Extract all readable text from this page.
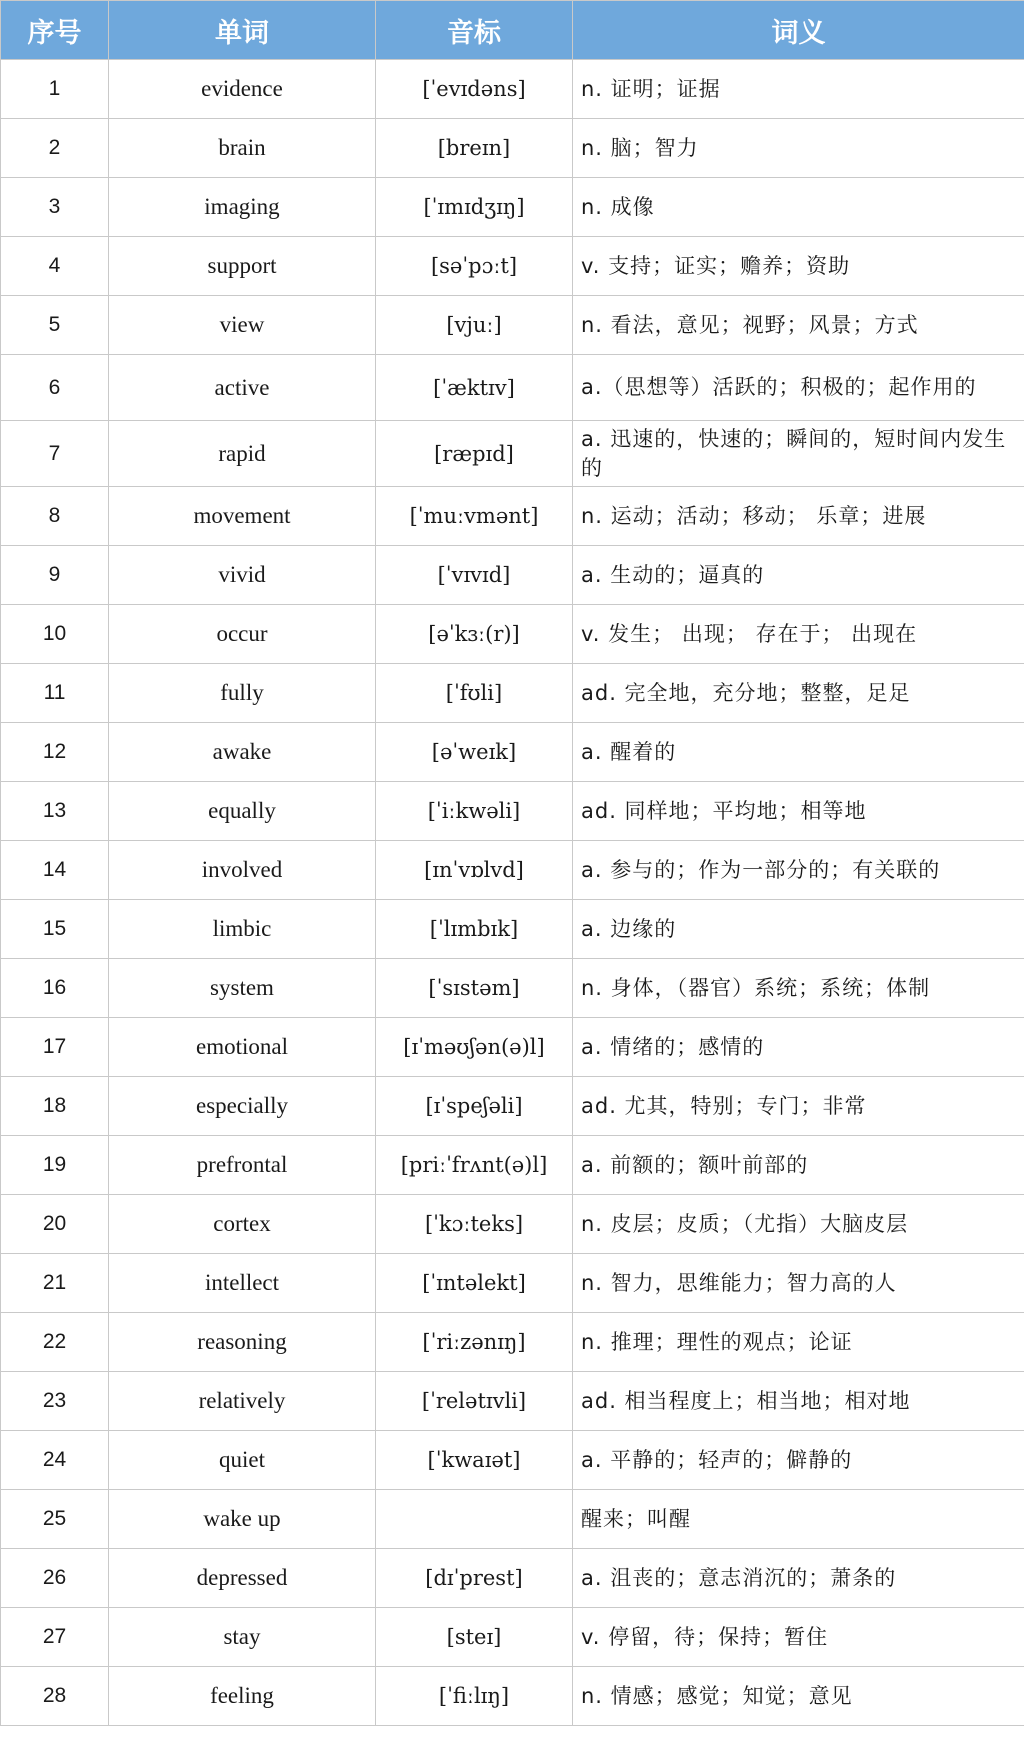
序号	单词	音标	词义
1	evidence	[ˈevɪdəns]	n. 证明；证据
2	brain	[breɪn]	n. 脑；智力
3	imaging	[ˈɪmɪdʒɪŋ]	n. 成像
4	support	[səˈpɔːt]	v. 支持；证实；赡养；资助
5	view	[vjuː]	n. 看法，意见；视野；风景；方式
6	active	[ˈæktɪv]	a.（思想等）活跃的；积极的；起作用的
7	rapid	[ræpɪd]	a. 迅速的，快速的；瞬间的，短时间内发生的
8	movement	[ˈmuːvmənt]	n. 运动；活动；移动； 乐章；进展
9	vivid	[ˈvɪvɪd]	a. 生动的；逼真的
10	occur	[əˈkɜː(r)]	v. 发生； 出现； 存在于； 出现在
11	fully	[ˈfʊli]	ad. 完全地，充分地；整整，足足
12	awake	[əˈweɪk]	a. 醒着的
13	equally	[ˈiːkwəli]	ad. 同样地；平均地；相等地
14	involved	[ɪnˈvɒlvd]	a. 参与的；作为一部分的；有关联的
15	limbic	[ˈlɪmbɪk]	a. 边缘的
16	system	[ˈsɪstəm]	n. 身体，（器官）系统；系统；体制
17	emotional	[ɪˈməʊʃən(ə)l]	a. 情绪的；感情的
18	especially	[ɪˈspeʃəli]	ad. 尤其，特别；专门；非常
19	prefrontal	[priːˈfrʌnt(ə)l]	a. 前额的；额叶前部的
20	cortex	[ˈkɔːteks]	n. 皮层；皮质；（尤指）大脑皮层
21	intellect	[ˈɪntəlekt]	n. 智力，思维能力；智力高的人
22	reasoning	[ˈriːzənɪŋ]	n. 推理；理性的观点；论证
23	relatively	[ˈrelətɪvli]	ad. 相当程度上；相当地；相对地
24	quiet	[ˈkwaɪət]	a. 平静的；轻声的；僻静的
25	wake up		醒来；叫醒
26	depressed	[dɪˈprest]	a. 沮丧的；意志消沉的；萧条的
27	stay	[steɪ]	v. 停留，待；保持；暂住
28	feeling	[ˈfiːlɪŋ]	n. 情感；感觉；知觉；意见
